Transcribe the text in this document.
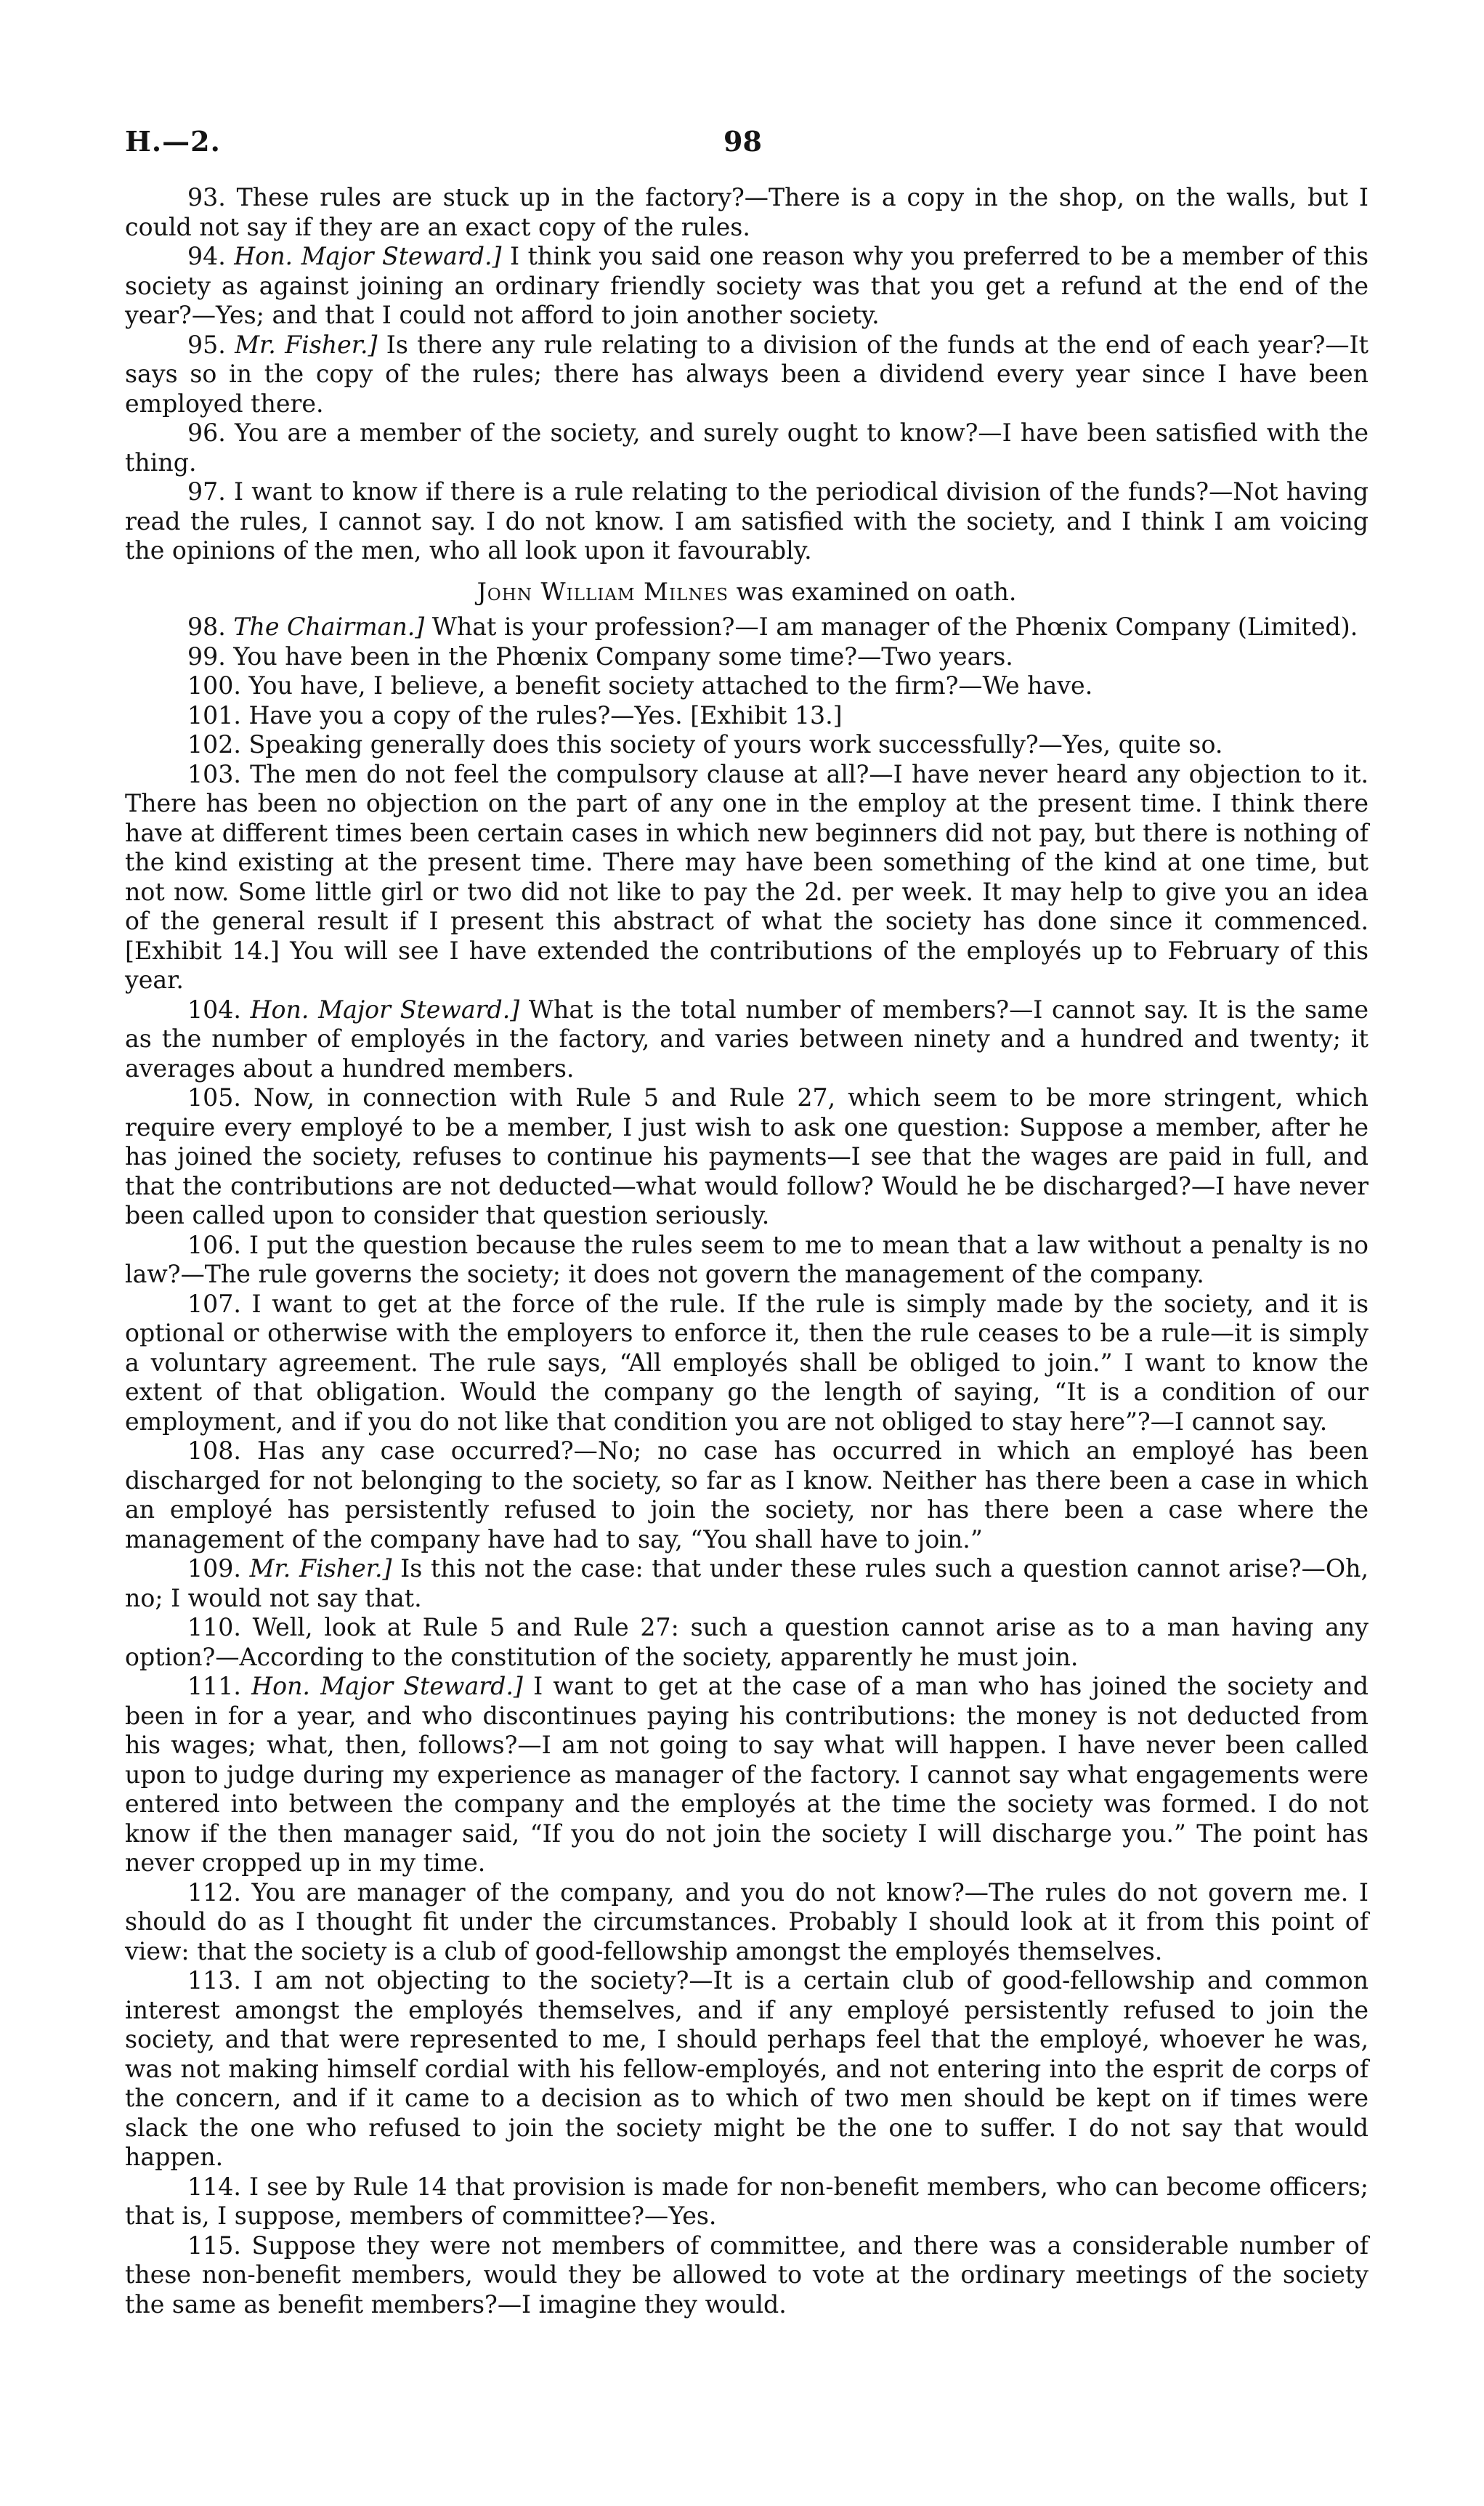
H.—2.	98

93. These rules are stuck up in the factory?—There is a copy in the shop, on the walls, but I could not say if they are an exact copy of the rules.

94. Hon. Major Steward.] I think you said one reason why you preferred to be a member of this society as against joining an ordinary friendly society was that you get a refund at the end of the year?—Yes; and that I could not afford to join another society.

95. Mr. Fisher.] Is there any rule relating to a division of the funds at the end of each year?—It says so in the copy of the rules; there has always been a dividend every year since I have been employed there.

96. You are a member of the society, and surely ought to know?—I have been satisfied with the thing.

97. I want to know if there is a rule relating to the periodical division of the funds?—Not having read the rules, I cannot say. I do not know. I am satisfied with the society, and I think I am voicing the opinions of the men, who all look upon it favourably.

John William Milnes was examined on oath.

98. The Chairman.] What is your profession?—I am manager of the Phœnix Company (Limited).

99. You have been in the Phœnix Company some time?—Two years.

100. You have, I believe, a benefit society attached to the firm?—We have.

101. Have you a copy of the rules?—Yes. [Exhibit 13.]

102. Speaking generally does this society of yours work successfully?—Yes, quite so.

103. The men do not feel the compulsory clause at all?—I have never heard any objection to it. There has been no objection on the part of any one in the employ at the present time. I think there have at different times been certain cases in which new beginners did not pay, but there is nothing of the kind existing at the present time. There may have been something of the kind at one time, but not now. Some little girl or two did not like to pay the 2d. per week. It may help to give you an idea of the general result if I present this abstract of what the society has done since it commenced. [Exhibit 14.] You will see I have extended the contributions of the employés up to February of this year.

104. Hon. Major Steward.] What is the total number of members?—I cannot say. It is the same as the number of employés in the factory, and varies between ninety and a hundred and twenty; it averages about a hundred members.

105. Now, in connection with Rule 5 and Rule 27, which seem to be more stringent, which require every employé to be a member, I just wish to ask one question: Suppose a member, after he has joined the society, refuses to continue his payments—I see that the wages are paid in full, and that the contributions are not deducted—what would follow? Would he be discharged?—I have never been called upon to consider that question seriously.

106. I put the question because the rules seem to me to mean that a law without a penalty is no law?—The rule governs the society; it does not govern the management of the company.

107. I want to get at the force of the rule. If the rule is simply made by the society, and it is optional or otherwise with the employers to enforce it, then the rule ceases to be a rule—it is simply a voluntary agreement. The rule says, “All employés shall be obliged to join.” I want to know the extent of that obligation. Would the company go the length of saying, “It is a condition of our employment, and if you do not like that condition you are not obliged to stay here”?—I cannot say.

108. Has any case occurred?—No; no case has occurred in which an employé has been discharged for not belonging to the society, so far as I know. Neither has there been a case in which an employé has persistently refused to join the society, nor has there been a case where the management of the company have had to say, “You shall have to join.”

109. Mr. Fisher.] Is this not the case: that under these rules such a question cannot arise?—Oh, no; I would not say that.

110. Well, look at Rule 5 and Rule 27: such a question cannot arise as to a man having any option?—According to the constitution of the society, apparently he must join.

111. Hon. Major Steward.] I want to get at the case of a man who has joined the society and been in for a year, and who discontinues paying his contributions: the money is not deducted from his wages; what, then, follows?—I am not going to say what will happen. I have never been called upon to judge during my experience as manager of the factory. I cannot say what engagements were entered into between the company and the employés at the time the society was formed. I do not know if the then manager said, “If you do not join the society I will discharge you.” The point has never cropped up in my time.

112. You are manager of the company, and you do not know?—The rules do not govern me. I should do as I thought fit under the circumstances. Probably I should look at it from this point of view: that the society is a club of good-fellowship amongst the employés themselves.

113. I am not objecting to the society?—It is a certain club of good-fellowship and common interest amongst the employés themselves, and if any employé persistently refused to join the society, and that were represented to me, I should perhaps feel that the employé, whoever he was, was not making himself cordial with his fellow-employés, and not entering into the esprit de corps of the concern, and if it came to a decision as to which of two men should be kept on if times were slack the one who refused to join the society might be the one to suffer. I do not say that would happen.

114. I see by Rule 14 that provision is made for non-benefit members, who can become officers; that is, I suppose, members of committee?—Yes.

115. Suppose they were not members of committee, and there was a considerable number of these non-benefit members, would they be allowed to vote at the ordinary meetings of the society the same as benefit members?—I imagine they would.
